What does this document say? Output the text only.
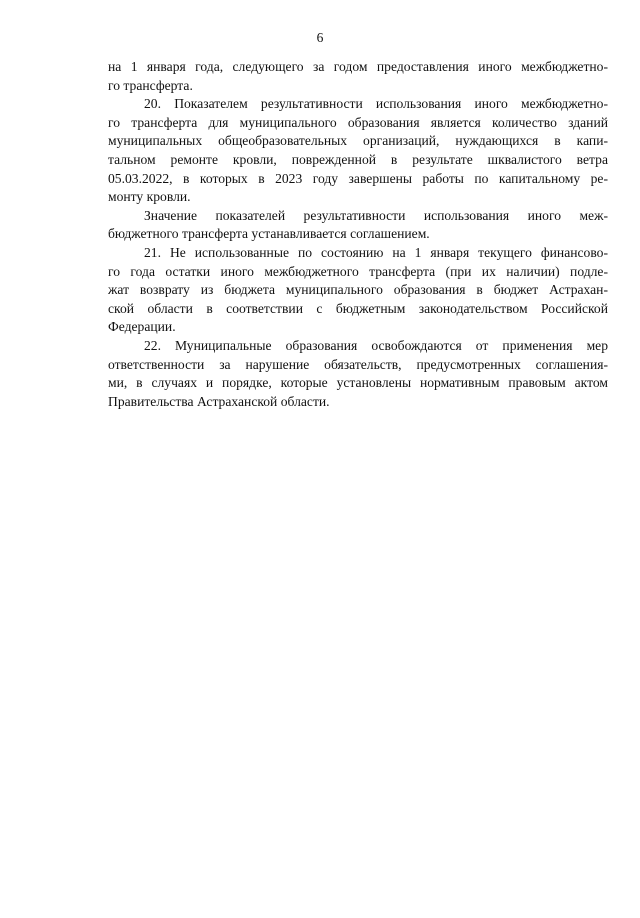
6
на 1 января года, следующего за годом предоставления иного межбюджетно-
го трансферта.
20. Показателем результативности использования иного межбюджетно-
го трансферта для муниципального образования является количество зданий
муниципальных общеобразовательных организаций, нуждающихся в капи-
тальном ремонте кровли, поврежденной в результате шквалистого ветра
05.03.2022, в которых в 2023 году завершены работы по капитальному ре-
монту кровли.
Значение показателей результативности использования иного меж-
бюджетного трансферта устанавливается соглашением.
21. Не использованные по состоянию на 1 января текущего финансово-
го года остатки иного межбюджетного трансферта (при их наличии) подле-
жат возврату из бюджета муниципального образования в бюджет Астрахан-
ской области в соответствии с бюджетным законодательством Российской
Федерации.
22. Муниципальные образования освобождаются от применения мер
ответственности за нарушение обязательств, предусмотренных соглашения-
ми, в случаях и порядке, которые установлены нормативным правовым актом
Правительства Астраханской области.
